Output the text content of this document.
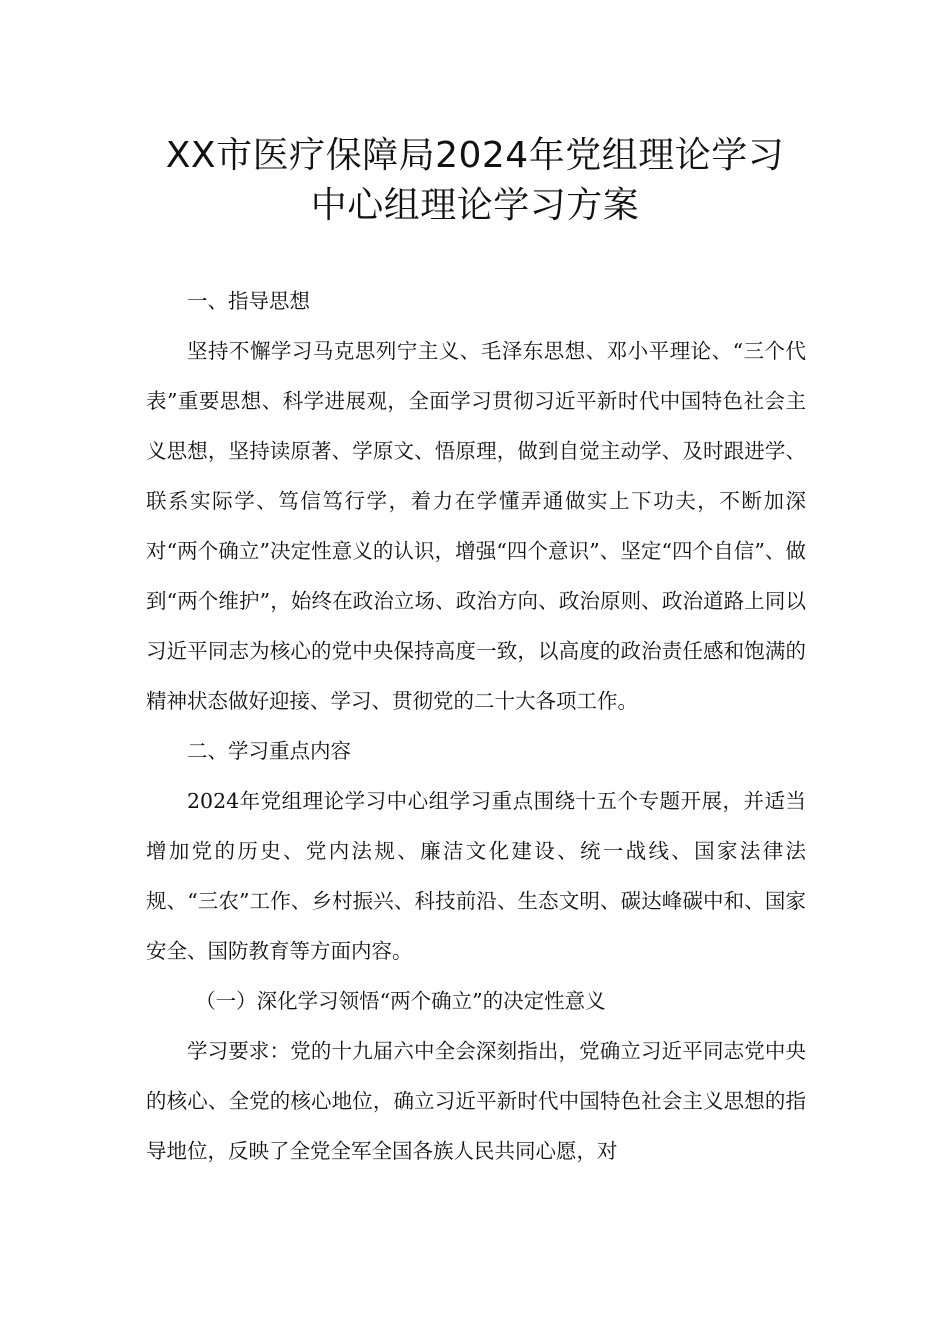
XX市医疗保障局2024年党组理论学习
中心组理论学习方案

一、指导思想

坚持不懈学习马克思列宁主义、毛泽东思想、邓小平理论、“三个代表”重要思想、科学进展观，全面学习贯彻习近平新时代中国特色社会主义思想，坚持读原著、学原文、悟原理，做到自觉主动学、及时跟进学、联系实际学、笃信笃行学，着力在学懂弄通做实上下功夫，不断加深对“两个确立”决定性意义的认识，增强“四个意识”、坚定“四个自信”、做到“两个维护”，始终在政治立场、政治方向、政治原则、政治道路上同以习近平同志为核心的党中央保持高度一致，以高度的政治责任感和饱满的精神状态做好迎接、学习、贯彻党的二十大各项工作。

二、学习重点内容

2024年党组理论学习中心组学习重点围绕十五个专题开展，并适当增加党的历史、党内法规、廉洁文化建设、统一战线、国家法律法规、“三农”工作、乡村振兴、科技前沿、生态文明、碳达峰碳中和、国家安全、国防教育等方面内容。

（一）深化学习领悟“两个确立”的决定性意义

学习要求：党的十九届六中全会深刻指出，党确立习近平同志党中央的核心、全党的核心地位，确立习近平新时代中国特色社会主义思想的指导地位，反映了全党全军全国各族人民共同心愿，对
